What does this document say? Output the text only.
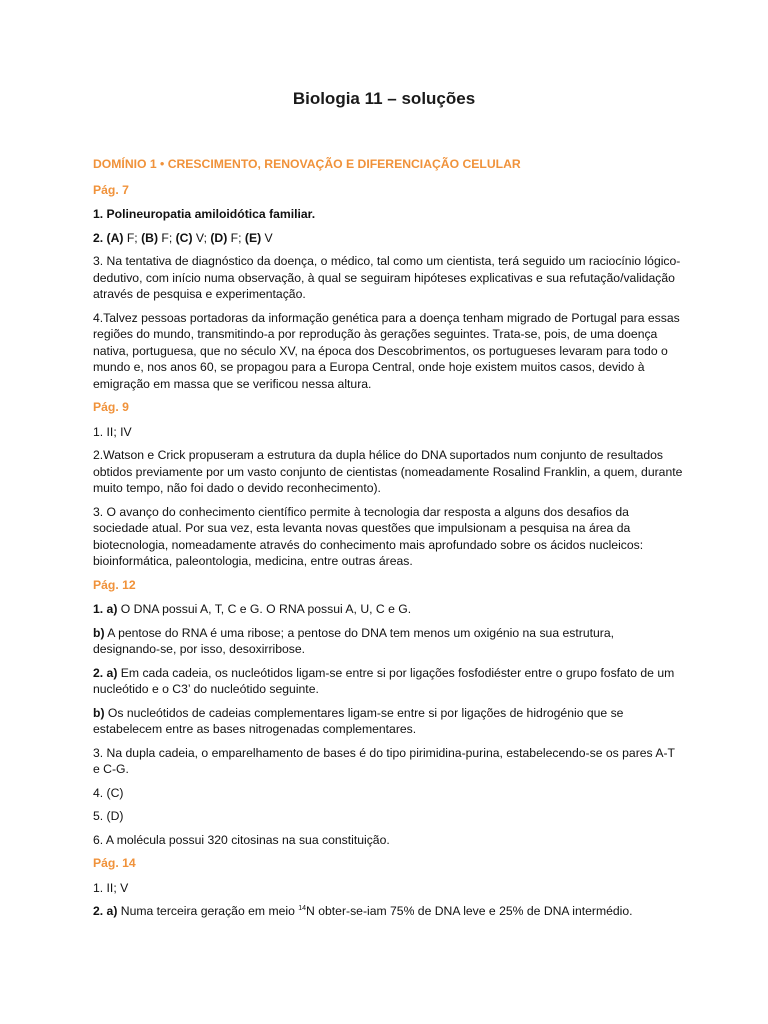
Biologia 11 – soluções
DOMÍNIO 1 • CRESCIMENTO, RENOVAÇÃO E DIFERENCIAÇÃO CELULAR
Pág. 7

1. Polineuropatia amiloidótica familiar.

2. (A) F; (B) F; (C) V; (D) F; (E) V

3. Na tentativa de diagnóstico da doença, o médico, tal como um cientista, terá seguido um raciocínio lógico-dedutivo, com início numa observação, à qual se seguiram hipóteses explicativas e sua refutação/validação através de pesquisa e experimentação.

4.Talvez pessoas portadoras da informação genética para a doença tenham migrado de Portugal para essas regiões do mundo, transmitindo-a por reprodução às gerações seguintes. Trata-se, pois, de uma doença nativa, portuguesa, que no século XV, na época dos Descobrimentos, os portugueses levaram para todo o mundo e, nos anos 60, se propagou para a Europa Central, onde hoje existem muitos casos, devido à emigração em massa que se verificou nessa altura.

Pág. 9

1. II; IV

2.Watson e Crick propuseram a estrutura da dupla hélice do DNA suportados num conjunto de resultados obtidos previamente por um vasto conjunto de cientistas (nomeadamente Rosalind Franklin, a quem, durante muito tempo, não foi dado o devido reconhecimento).

3. O avanço do conhecimento científico permite à tecnologia dar resposta a alguns dos desafios da sociedade atual. Por sua vez, esta levanta novas questões que impulsionam a pesquisa na área da biotecnologia, nomeadamente através do conhecimento mais aprofundado sobre os ácidos nucleicos: bioinformática, paleontologia, medicina, entre outras áreas.

Pág. 12

1. a) O DNA possui A, T, C e G. O RNA possui A, U, C e G.

b) A pentose do RNA é uma ribose; a pentose do DNA tem menos um oxigénio na sua estrutura, designando-se, por isso, desoxirribose.

2. a) Em cada cadeia, os nucleótidos ligam-se entre si por ligações fosfodiéster entre o grupo fosfato de um nucleótido e o C3’ do nucleótido seguinte.

b) Os nucleótidos de cadeias complementares ligam-se entre si por ligações de hidrogénio que se estabelecem entre as bases nitrogenadas complementares.

3. Na dupla cadeia, o emparelhamento de bases é do tipo pirimidina-purina, estabelecendo-se os pares A-T e C-G.

4. (C)

5. (D)

6. A molécula possui 320 citosinas na sua constituição.

Pág. 14

1. II; V

2. a) Numa terceira geração em meio $^{14}$N obter-se-iam 75% de DNA leve e 25% de DNA intermédio.
